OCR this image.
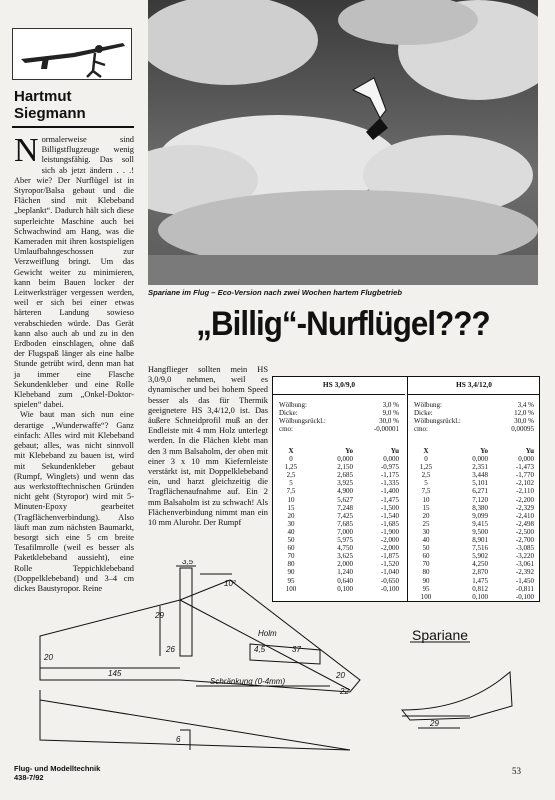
Hartmut
Siegmann

Normalerweise sind Billigstflugzeuge wenig leistungsfähig. Das soll sich ab jetzt ändern . . .! Aber wie? Der Nurflügel ist in Styropor/Balsa gebaut und die Flächen sind mit Klebeband „beplankt“. Dadurch hält sich diese superleichte Maschine auch bei Schwachwind am Hang, was die Kameraden mit ihren kostspieligen Umlaufbahngeschossen zur Verzweiflung bringt. Um das Gewicht weiter zu minimieren, kann beim Bauen locker der Leitwerksträger vergessen werden, weil er sich bei einer etwas härteren Landung sowieso verabschieden würde. Das Gerät kann also auch ab und zu in den Erdboden einschlagen, ohne daß der Flugspaß länger als eine halbe Stunde getrübt wird, denn man hat ja immer eine Flasche Sekundenkleber und eine Rolle Klebeband zum „Onkel-Doktor-spielen“ dabei.

Wie baut man sich nun eine derartige „Wunderwaffe“? Ganz einfach: Alles wird mit Klebeband gebaut; alles, was nicht sinnvoll mit Klebeband zu bauen ist, wird mit Sekundenkleber gebaut (Rumpf, Winglets) und wenn das aus werkstofftechnischen Gründen nicht geht (Styropor) wird mit 5-Minuten-Epoxy gearbeitet (Tragflächenverbindung). Also läuft man zum nächsten Baumarkt, besorgt sich eine 5 cm breite Tesafilmrolle (weil es besser als Paketklebeband aussieht), eine Rolle Teppichklebeband (Doppelklebeband) und 3–4 cm dickes Baustyropor. Reine

Spariane im Flug – Eco-Version nach zwei Wochen hartem Flugbetrieb
„Billig“-Nurflügel???
Hangflieger sollten mein HS 3,0/9,0 nehmen, weil es dynamischer und bei hohem Speed besser als das für Thermik geeignetere HS 3,4/12,0 ist. Das äußere Schneidprofil muß an der Endleiste mit 4 mm Holz unterlegt werden. In die Flächen klebt man den 3 mm Balsaholm, der oben mit einer 3 x 10 mm Kiefernleiste verstärkt ist, mit Doppelklebeband ein, und harzt gleichzeitig die Tragflächenaufnahme auf. Ein 2 mm Balsaholm ist zu schwach! Als Flächenverbindung nimmt man ein 10 mm Alurohr. Der Rumpf
HS 3,0/9,0
Wölbung:	3,0 %
Dicke:	9,0 %
Wölbungsrückl.:	30,0 %
cmo:	-0,00001
X	Yo	Yu
0	0,000	0,000
1,25	2,150	-0,975
2,5	2,685	-1,175
5	3,925	-1,335
7,5	4,900	-1,400
10	5,627	-1,475
15	7,248	-1,500
20	7,425	-1,540
30	7,685	-1,685
40	7,000	-1,900
50	5,975	-2,000
60	4,750	-2,000
70	3,625	-1,875
80	2,000	-1,520
90	1,240	-1,040
95	0,640	-0,650
100	0,100	-0,100
HS 3,4/12,0
Wölbung:	3,4 %
Dicke:	12,0 %
Wölbungsrückl.:	30,0 %
cmo:	0,00095
X	Yo	Yu
0	0,000	0,000
1,25	2,351	-1,473
2,5	3,448	-1,770
5	5,101	-2,102
7,5	6,271	-2,110
10	7,120	-2,200
15	8,380	-2,329
20	9,099	-2,410
25	9,415	-2,498
30	9,500	-2,500
40	8,901	-2,700
50	7,516	-3,085
60	5,902	-3,220
70	4,250	-3,061
80	2,870	-2,392
90	1,475	-1,450
95	0,812	-0,811
100	0,100	-0,100
3,5
10°
29
26
20
145
Holm
4,5	37
20
22
Schränkung (0-4mm)
6
29
Spariane
Flug- und Modelltechnik
438-7/92
53
